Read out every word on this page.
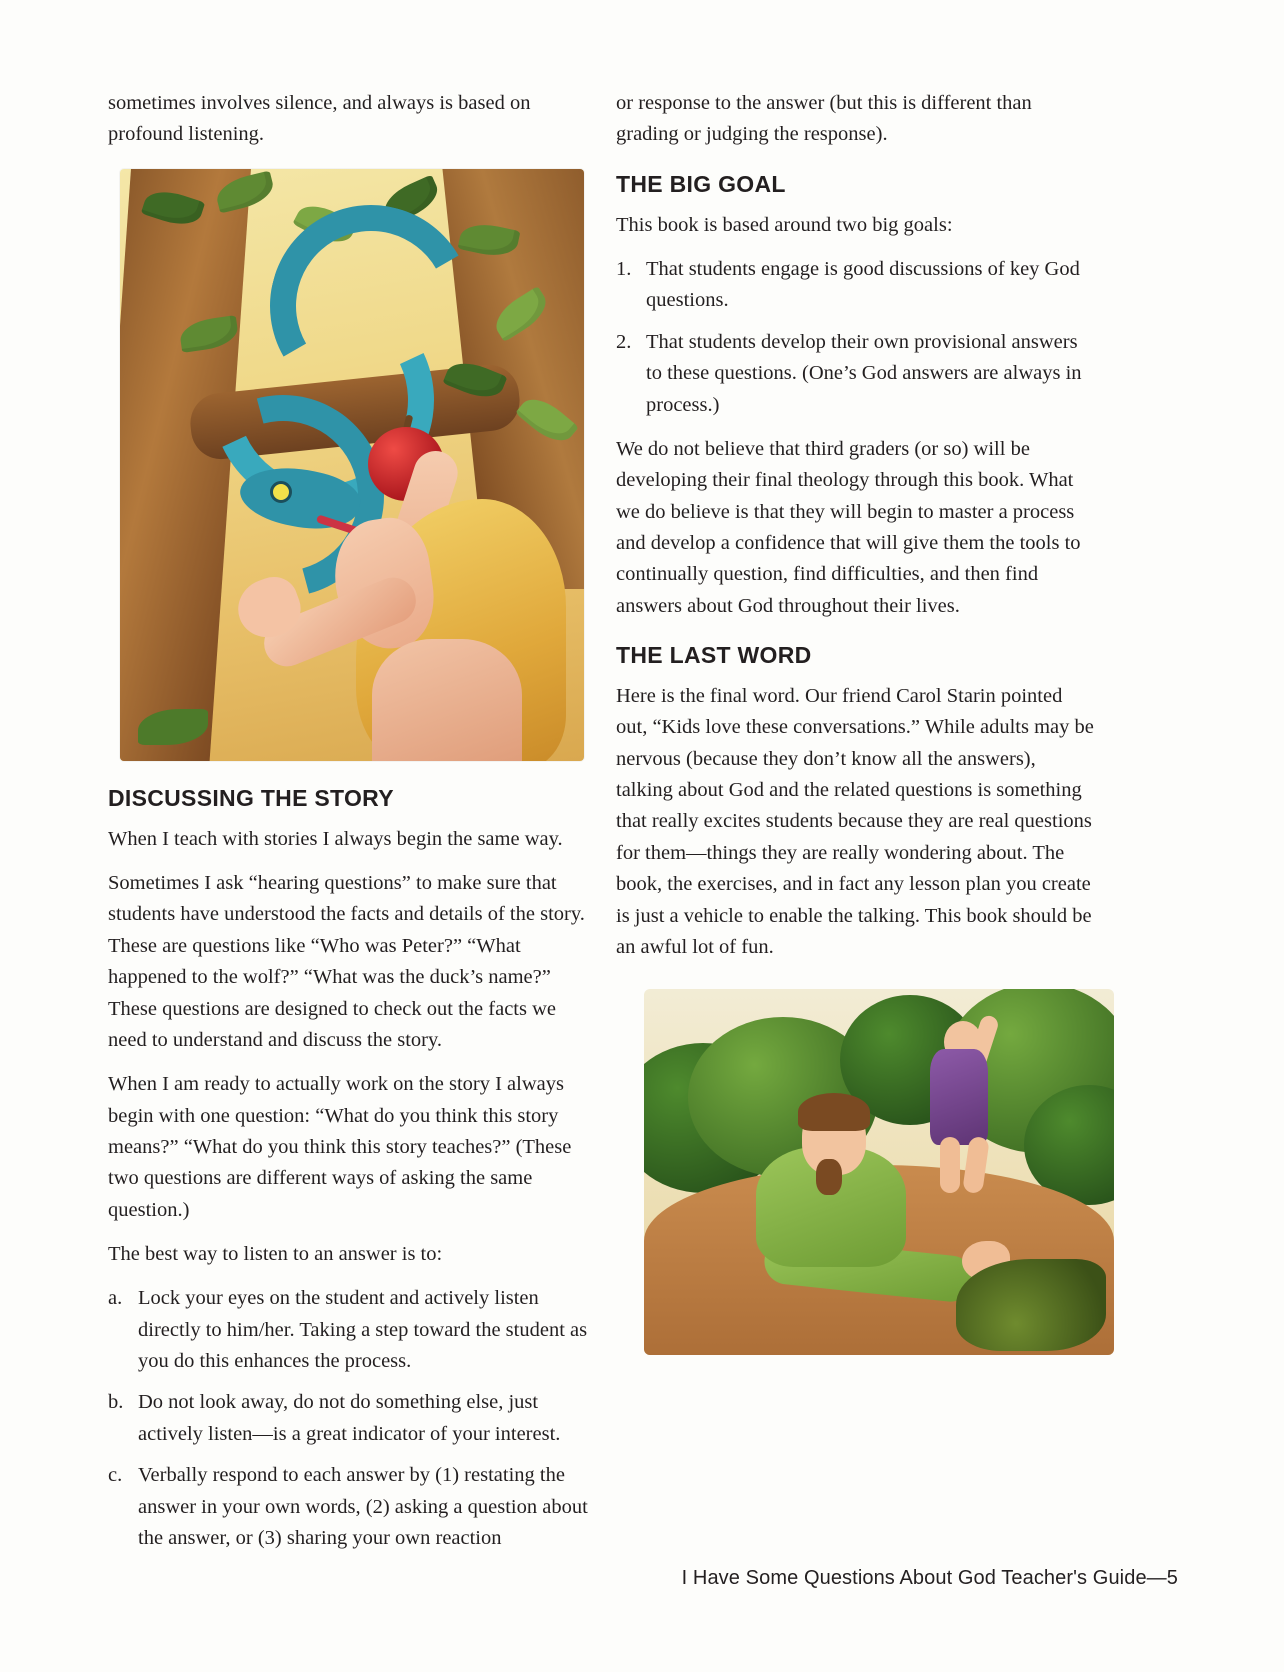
sometimes involves silence, and always is based on profound listening.

DISCUSSING THE STORY

When I teach with stories I always begin the same way.

Sometimes I ask “hearing questions” to make sure that students have understood the facts and details of the story. These are questions like “Who was Peter?” “What happened to the wolf?” “What was the duck’s name?” These questions are designed to check out the facts we need to understand and discuss the story.

When I am ready to actually work on the story I always begin with one question: “What do you think this story means?” “What do you think this story teaches?” (These two questions are different ways of asking the same question.)

The best way to listen to an answer is to:

a. Lock your eyes on the student and actively listen directly to him/her. Taking a step toward the student as you do this enhances the process.
b. Do not look away, do not do something else, just actively listen—is a great indicator of your interest.
c. Verbally respond to each answer by (1) restating the answer in your own words, (2) asking a question about the answer, or (3) sharing your own reaction

or response to the answer (but this is different than grading or judging the response).

THE BIG GOAL

This book is based around two big goals:

1. That students engage is good discussions of key God questions.
2. That students develop their own provisional answers to these questions. (One’s God answers are always in process.)

We do not believe that third graders (or so) will be developing their final theology through this book. What we do believe is that they will begin to master a process and develop a confidence that will give them the tools to continually question, find difficulties, and then find answers about God throughout their lives.

THE LAST WORD

Here is the final word. Our friend Carol Starin pointed out, “Kids love these conversations.” While adults may be nervous (because they don’t know all the answers), talking about God and the related questions is something that really excites students because they are real questions for them—things they are really wondering about. The book, the exercises, and in fact any lesson plan you create is just a vehicle to enable the talking. This book should be an awful lot of fun.

I Have Some Questions About God Teacher's Guide—5
